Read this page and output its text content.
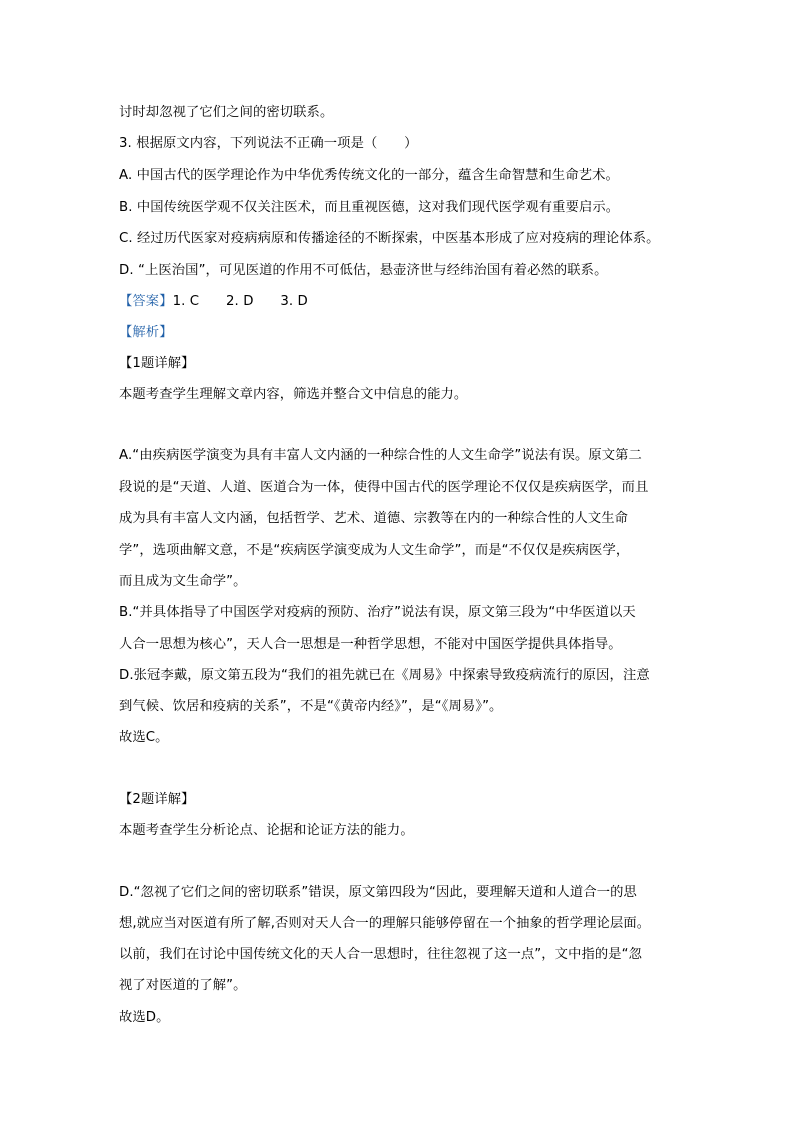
讨时却忽视了它们之间的密切联系。
3. 根据原文内容，下列说法不正确一项是（　　）
A. 中国古代的医学理论作为中华优秀传统文化的一部分，蕴含生命智慧和生命艺术。
B. 中国传统医学观不仅关注医术，而且重视医德，这对我们现代医学观有重要启示。
C. 经过历代医家对疫病病原和传播途径的不断探索，中医基本形成了应对疫病的理论体系。
D. “上医治国”，可见医道的作用不可低估，悬壶济世与经纬治国有着必然的联系。
【答案】1. C　　2. D　　3. D
【解析】
【1题详解】
本题考查学生理解文章内容，筛选并整合文中信息的能力。
A.“由疾病医学演变为具有丰富人文内涵的一种综合性的人文生命学”说法有误。原文第二
段说的是“天道、人道、医道合为一体，使得中国古代的医学理论不仅仅是疾病医学，而且
成为具有丰富人文内涵，包括哲学、艺术、道德、宗教等在内的一种综合性的人文生命
学”，选项曲解文意，不是“疾病医学演变成为人文生命学”，而是“不仅仅是疾病医学，
而且成为文生命学”。
B.“并具体指导了中国医学对疫病的预防、治疗”说法有误，原文第三段为“中华医道以天
人合一思想为核心”，天人合一思想是一种哲学思想，不能对中国医学提供具体指导。
D.张冠李戴，原文第五段为“我们的祖先就已在《周易》中探索导致疫病流行的原因，注意
到气候、饮居和疫病的关系”，不是“《黄帝内经》”，是“《周易》”。
故选C。
【2题详解】
本题考查学生分析论点、论据和论证方法的能力。
D.“忽视了它们之间的密切联系”错误，原文第四段为“因此，要理解天道和人道合一的思
想,就应当对医道有所了解,否则对天人合一的理解只能够停留在一个抽象的哲学理论层面。
以前，我们在讨论中国传统文化的天人合一思想时，往往忽视了这一点”，文中指的是“忽
视了对医道的了解”。
故选D。
